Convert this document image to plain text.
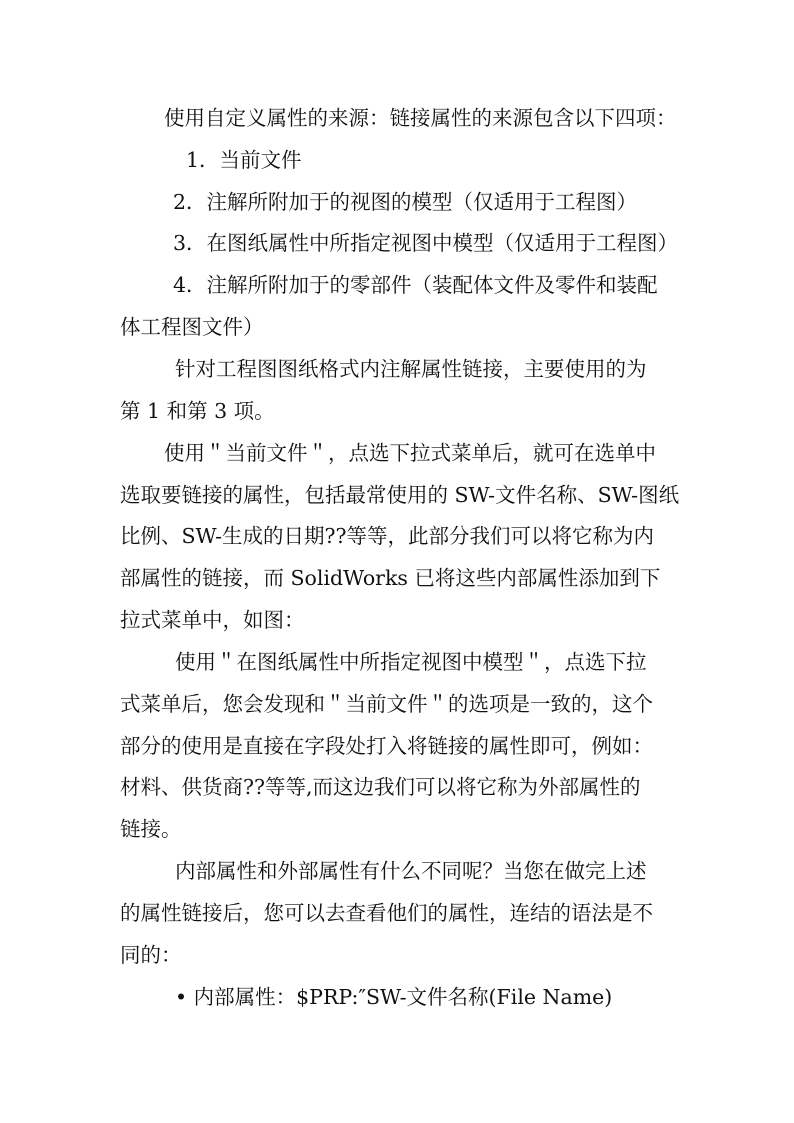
使用自定义属性的来源：链接属性的来源包含以下四项：
1．当前文件
2．注解所附加于的视图的模型（仅适用于工程图）
3．在图纸属性中所指定视图中模型（仅适用于工程图）
4．注解所附加于的零部件（装配体文件及零件和装配
体工程图文件）
针对工程图图纸格式内注解属性链接，主要使用的为
第 1 和第 3 项。
使用＂当前文件＂，点选下拉式菜单后，就可在选单中
选取要链接的属性，包括最常使用的 SW-文件名称、SW-图纸
比例、SW-生成的日期??等等，此部分我们可以将它称为内
部属性的链接，而 SolidWorks 已将这些内部属性添加到下
拉式菜单中，如图：
使用＂在图纸属性中所指定视图中模型＂，点选下拉
式菜单后，您会发现和＂当前文件＂的选项是一致的，这个
部分的使用是直接在字段处打入将链接的属性即可，例如：
材料、供货商??等等,而这边我们可以将它称为外部属性的
链接。
内部属性和外部属性有什么不同呢？当您在做完上述
的属性链接后，您可以去查看他们的属性，连结的语法是不
同的：
• 内部属性：$PRP:″SW-文件名称(File Name)
